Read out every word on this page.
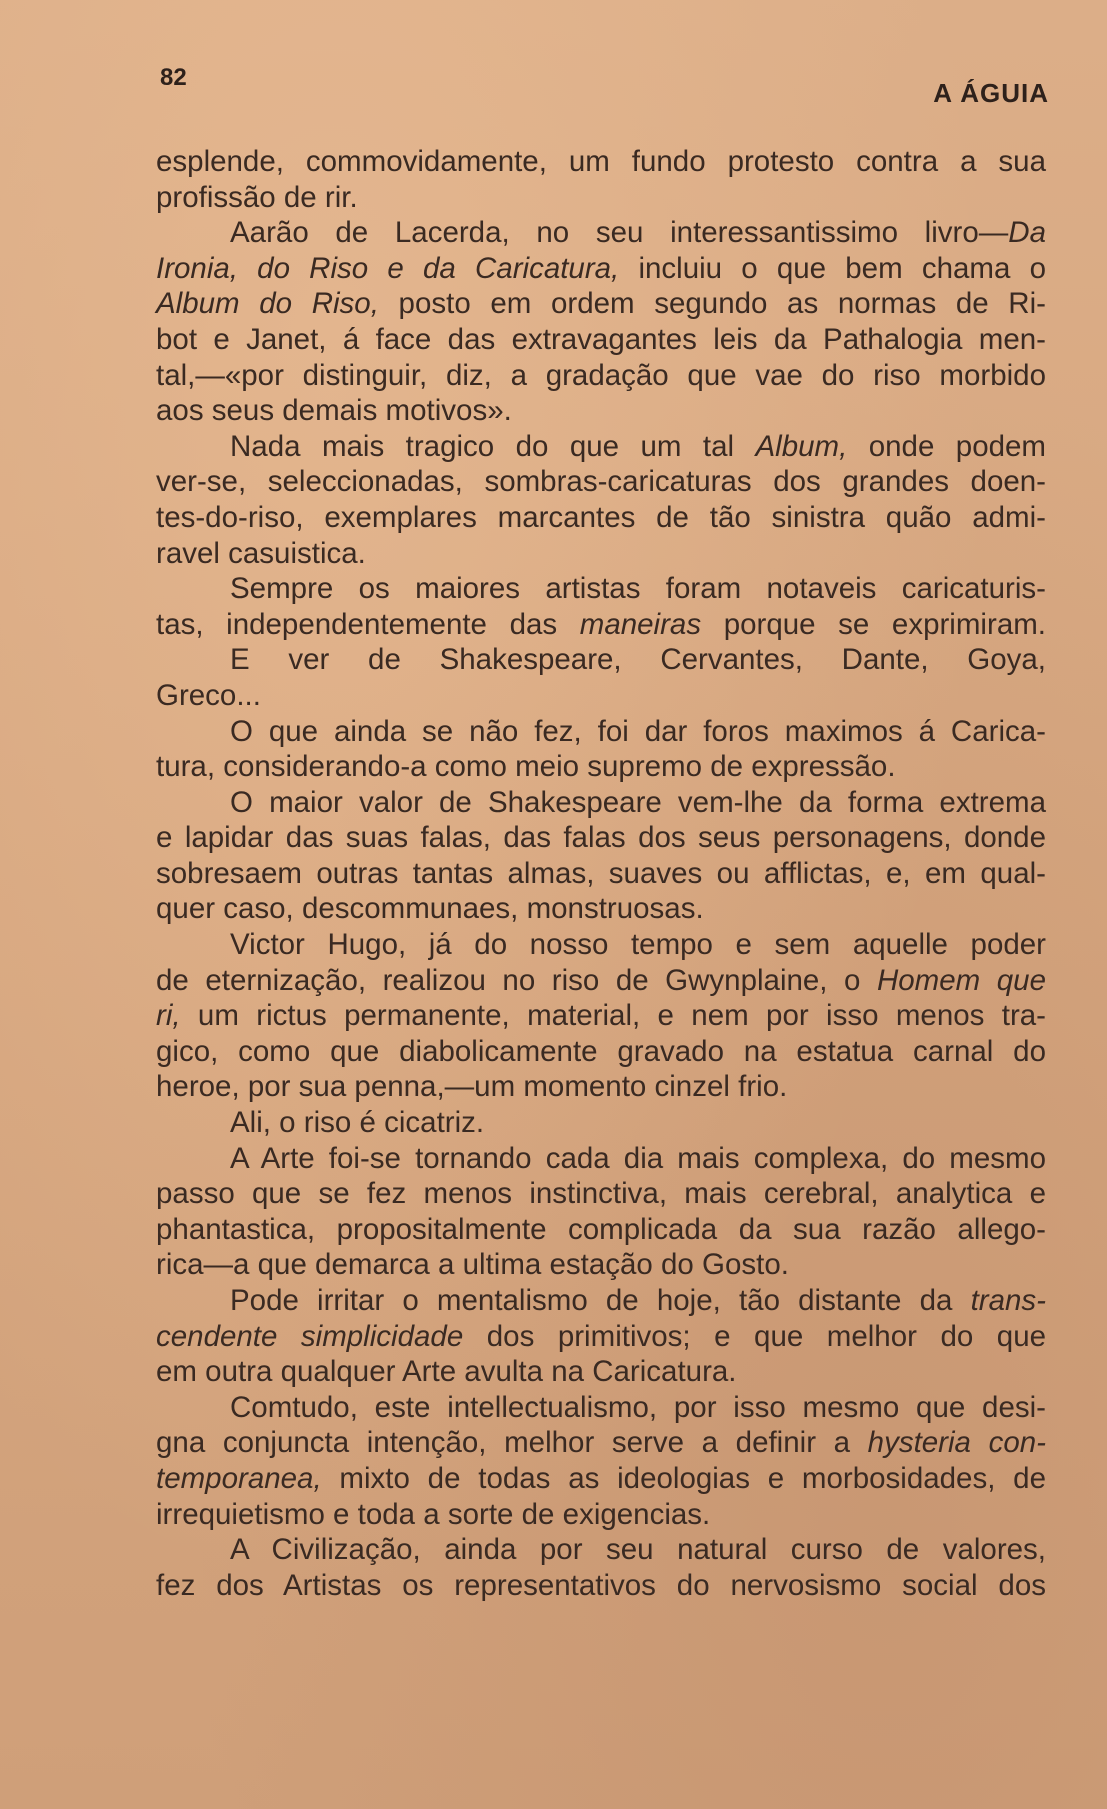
82
A ÁGUIA
esplende, commovidamente, um fundo protesto contra a sua
profissão de rir.
Aarão de Lacerda, no seu interessantissimo livro—Da
Ironia, do Riso e da Caricatura, incluiu o que bem chama o
Album do Riso, posto em ordem segundo as normas de Ri-
bot e Janet, á face das extravagantes leis da Pathalogia men-
tal,—«por distinguir, diz, a gradação que vae do riso morbido
aos seus demais motivos».
Nada mais tragico do que um tal Album, onde podem
ver-se, seleccionadas, sombras-caricaturas dos grandes doen-
tes-do-riso, exemplares marcantes de tão sinistra quão admi-
ravel casuistica.
Sempre os maiores artistas foram notaveis caricaturis-
tas, independentemente das maneiras porque se exprimiram.
E ver de Shakespeare, Cervantes, Dante, Goya,
Greco...
O que ainda se não fez, foi dar foros maximos á Carica-
tura, considerando-a como meio supremo de expressão.
O maior valor de Shakespeare vem-lhe da forma extrema
e lapidar das suas falas, das falas dos seus personagens, donde
sobresaem outras tantas almas, suaves ou afflictas, e, em qual-
quer caso, descommunaes, monstruosas.
Victor Hugo, já do nosso tempo e sem aquelle poder
de eternização, realizou no riso de Gwynplaine, o Homem que
ri, um rictus permanente, material, e nem por isso menos tra-
gico, como que diabolicamente gravado na estatua carnal do
heroe, por sua penna,—um momento cinzel frio.
Ali, o riso é cicatriz.
A Arte foi-se tornando cada dia mais complexa, do mesmo
passo que se fez menos instinctiva, mais cerebral, analytica e
phantastica, propositalmente complicada da sua razão allego-
rica—a que demarca a ultima estação do Gosto.
Pode irritar o mentalismo de hoje, tão distante da trans-
cendente simplicidade dos primitivos; e que melhor do que
em outra qualquer Arte avulta na Caricatura.
Comtudo, este intellectualismo, por isso mesmo que desi-
gna conjuncta intenção, melhor serve a definir a hysteria con-
temporanea, mixto de todas as ideologias e morbosidades, de
irrequietismo e toda a sorte de exigencias.
A Civilização, ainda por seu natural curso de valores,
fez dos Artistas os representativos do nervosismo social dos
